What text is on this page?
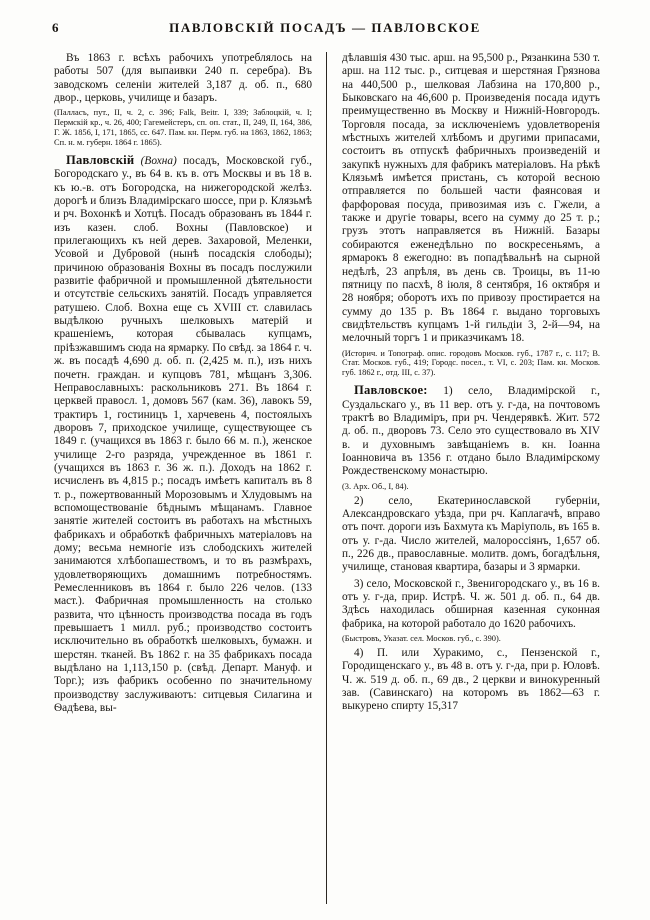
6	ПАВЛОВСКІЙ ПОСАДЪ — ПАВЛОВСКОЕ

Въ 1863 г. всѣхъ рабочихъ употреблялось на работы 507 (для выпаивки 240 п. серебра). Въ заводскомъ селеніи жителей 3,187 д. об. п., 680 двор., церковь, училище и базаръ.

(Палласъ, пут., II, ч. 2, с. 396; Falk, Beitr. I, 339; Заблоцкій, ч. I; Пермскій кр., ч. 26, 400; Гагемейстеръ, сп. оп. стат., II, 249, II, 164, 386, Г. Ж. 1856, I, 171, 1865, сс. 647. Пам. кн. Перм. губ. на 1863, 1862, 1863; Сп. н. м. губерн. 1864 г. 1865).

Павловскій (Вохна) посадъ, Московской губ., Богородскаго у., въ 64 в. къ в. отъ Москвы и въ 18 в. къ ю.-в. отъ Богородска, на нижегородской желѣз. дорогѣ и близъ Владимірскаго шоссе, при р. Клязьмѣ и рч. Вохонкѣ и Хотцѣ. Посадъ образованъ въ 1844 г. изъ казен. слоб. Вохны (Павловское) и прилегающихъ къ ней дерев. Захаровой, Меленки, Усовой и Дубровой (нынѣ посадскія слободы); причиною образованія Вохны въ посадъ послужили развитіе фабричной и промышленной дѣятельности и отсутствіе сельскихъ занятій. Посадъ управляется ратушею. Слоб. Вохна еще съ XVIII ст. славилась выдѣлкою ручныхъ шелковыхъ матерій и крашеніемъ, которая сбывалась купцамъ, пріѣзжавшимъ сюда на ярмарку. По свѣд. за 1864 г. ч. ж. въ посадѣ 4,690 д. об. п. (2,425 м. п.), изъ нихъ почетн. граждан. и купцовъ 781, мѣщанъ 3,306. Неправославныхъ: раскольниковъ 271. Въ 1864 г. церквей правосл. 1, домовъ 567 (кам. 36), лавокъ 59, трактиръ 1, гостиницъ 1, харчевень 4, постоялыхъ дворовъ 7, приходское училище, существующее съ 1849 г. (учащихся въ 1863 г. было 66 м. п.), женское училище 2-го разряда, учрежденное въ 1861 г. (учащихся въ 1863 г. 36 ж. п.). Доходъ на 1862 г. исчисленъ въ 4,815 р.; посадъ имѣетъ капиталъ въ 8 т. р., пожертвованный Морозовымъ и Хлудовымъ на вспомоществованіе бѣднымъ мѣщанамъ. Главное занятіе жителей состоитъ въ работахъ на мѣстныхъ фабрикахъ и обработкѣ фабричныхъ матеріаловъ на дому; весьма немногіе изъ слободскихъ жителей занимаются хлѣбопашествомъ, и то въ размѣрахъ, удовлетворяющихъ домашнимъ потребностямъ. Ремесленниковъ въ 1864 г. было 226 челов. (133 маст.). Фабричная промышленность на столько развита, что цѣнность производства посада въ годъ превышаетъ 1 милл. руб.; производство состоитъ исключительно въ обработкѣ шелковыхъ, бумажн. и шерстян. тканей. Въ 1862 г. на 35 фабрикахъ посада выдѣлано на 1,113,150 р. (свѣд. Департ. Мануф. и Торг.); изъ фабрикъ особенно по значительному производству заслуживаютъ: ситцевыя Силагина и Ѳадѣева, вы-

дѣлавшія 430 тыс. арш. на 95,500 р., Рязанкина 530 т. арш. на 112 тыс. р., ситцевая и шерстяная Грязнова на 440,500 р., шелковая Лабзина на 170,800 р., Быковскаго на 46,600 р. Произведенія посада идутъ преимущественно въ Москву и Нижній-Новгородъ. Торговля посада, за исключеніемъ удовлетворенія мѣстныхъ жителей хлѣбомъ и другими припасами, состоитъ въ отпускѣ фабричныхъ произведеній и закупкѣ нужныхъ для фабрикъ матеріаловъ. На рѣкѣ Клязьмѣ имѣется пристань, съ которой весною отправляется по большей части фаянсовая и фарфоровая посуда, привозимая изъ с. Гжели, а также и другіе товары, всего на сумму до 25 т. р.; грузъ этотъ направляется въ Нижній. Базары собираются еженедѣльно по воскресеньямъ, а ярмарокъ 8 ежегодно: въ попадѣвальнѣ на сырной недѣлѣ, 23 апрѣля, въ день св. Троицы, въ 11-ю пятницу по пасхѣ, 8 іюля, 8 сентября, 16 октября и 28 ноября; оборотъ ихъ по привозу простирается на сумму до 135 р. Въ 1864 г. выдано торговыхъ свидѣтельствъ купцамъ 1-й гильдіи 3, 2-й—94, на мелочный торгъ 1 и приказчикамъ 18.

(Историч. и Топограф. опис. городовъ Москов. губ., 1787 г., с. 117; В. Стат. Москов. губ., 419; Городс. посел., т. VI, с. 203; Пам. кн. Москов. губ. 1862 г., отд. III, с. 37).

Павловское: 1) село, Владимірской г., Суздальскаго у., въ 11 вер. отъ у. г-да, на почтовомъ трактѣ во Владиміръ, при рч. Чендерявкѣ. Жит. 572 д. об. п., дворовъ 73. Село это существовало въ XIV в. и духовнымъ завѣщаніемъ в. кн. Іоанна Іоанновича въ 1356 г. отдано было Владимірскому Рождественскому монастырю.

(3. Арх. Об., I, 84).

2) село, Екатеринославской губерніи, Александровскаго уѣзда, при рч. Каплагачѣ, вправо отъ почт. дороги изъ Бахмута къ Маріуполь, въ 165 в. отъ у. г-да. Число жителей, малороссіянъ, 1,657 об. п., 226 дв., православные. молитв. домъ, богадѣльня, училище, становая квартира, базары и 3 ярмарки.

3) село, Московской г., Звенигородскаго у., въ 16 в. отъ у. г-да, прир. Истрѣ. Ч. ж. 501 д. об. п., 64 дв. Здѣсь находилась обширная казенная суконная фабрика, на которой работало до 1620 рабочихъ.

(Быстровъ, Указат. сел. Москов. губ., с. 390).

4) П. или Хуракимо, с., Пензенской г., Городищенскаго у., въ 48 в. отъ у. г-да, при р. Юловѣ. Ч. ж. 519 д. об. п., 69 дв., 2 церкви и винокуренный зав. (Савинскаго) на которомъ въ 1862—63 г. выкурено спирту 15,317
